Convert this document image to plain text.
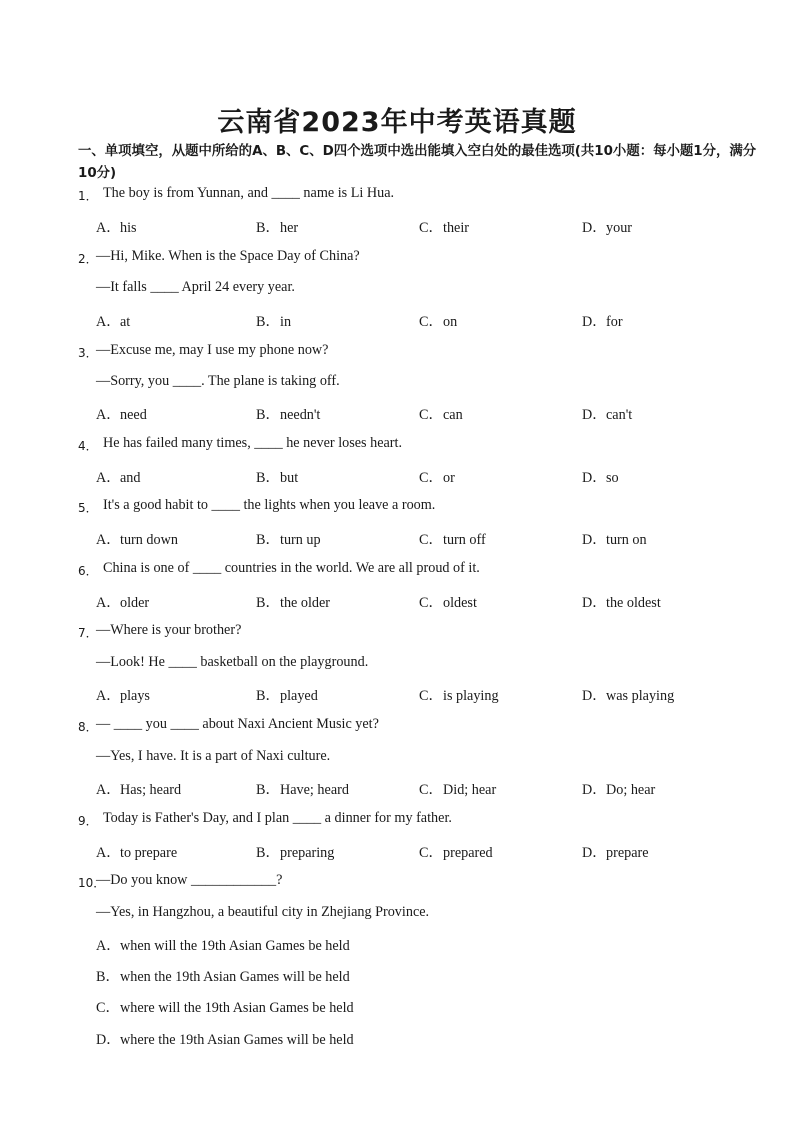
云南省2023年中考英语真题
一、单项填空，从题中所给的A、B、C、D四个选项中选出能填入空白处的最佳选项(共10小题：每小题1分，满分10分)
1． The boy is from Yunnan, and ____ name is Li Hua.
A．his	B．her	C．their	D．your
2．
—Hi, Mike. When is the Space Day of China?
—It falls ____ April 24 every year.
A．at	B．in	C．on	D．for
3．
—Excuse me, may I use my phone now?
—Sorry, you ____. The plane is taking off.
A．need	B．needn't	C．can	D．can't
4． He has failed many times, ____ he never loses heart.
A．and	B．but	C．or	D．so
5． It's a good habit to ____ the lights when you leave a room.
A．turn down	B．turn up	C．turn off	D．turn on
6． China is one of ____ countries in the world. We are all proud of it.
A．older	B．the older	C．oldest	D．the oldest
7．
—Where is your brother?
—Look! He ____ basketball on the playground.
A．plays	B．played	C．is playing	D．was playing
8．
— ____ you ____ about Naxi Ancient Music yet?
—Yes, I have. It is a part of Naxi culture.
A．Has; heard	B．Have; heard	C．Did; hear	D．Do; hear
9． Today is Father's Day, and I plan ____ a dinner for my father.
A．to prepare	B．preparing	C．prepared	D．prepare
10．
—Do you know ____________?
—Yes, in Hangzhou, a beautiful city in Zhejiang Province.
A．when will the 19th Asian Games be held
B．when the 19th Asian Games will be held
C．where will the 19th Asian Games be held
D．where the 19th Asian Games will be held
